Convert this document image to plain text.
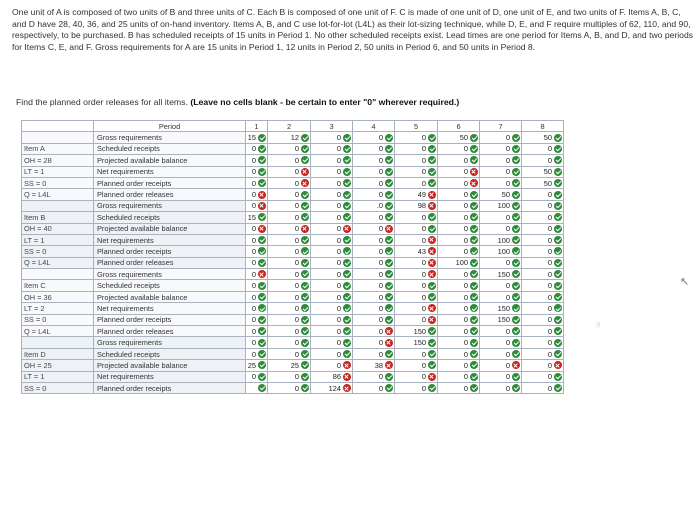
One unit of A is composed of two units of B and three units of C. Each B is composed of one unit of F. C is made of one unit of D, one unit of E, and two units of F. Items A, B, C, and D have 28, 40, 36, and 25 units of on-hand inventory. Items A, B, and C use lot-for-lot (L4L) as their lot-sizing technique, while D, E, and F require multiples of 62, 110, and 90, respectively, to be purchased. B has scheduled receipts of 15 units in Period 1. No other scheduled receipts exist. Lead times are one period for Items A, B, and D, and two periods for Items C, E, and F. Gross requirements for A are 15 units in Period 1, 12 units in Period 2, 50 units in Period 6, and 50 units in Period 8.
Find the planned order releases for all items. (Leave no cells blank - be certain to enter "0" wherever required.)
	Period	1	2	3	4	5	6	7	8
	Gross requirements	15	12	0	0	0	50	0	50

Item A	Scheduled receipts	0	0	0	0	0	0	0	0

OH = 28	Projected available balance	0	0	0	0	0	0	0	0

LT = 1	Net requirements	0	0	0	0	0	0	0	50

SS = 0	Planned order receipts	0	0	0	0	0	0	0	50

Q = L4L	Planned order releases	0	0	0	0	49	0	50	0

	Gross requirements	0	0	0	.0	98	0	100	0

Item B	Scheduled receipts	15	0	0	0	0	0	0	0

OH = 40	Projected available balance	0	0	0	0	0	0	0	0

LT = 1	Net requirements	0	0	0	0	0	0	100	0

SS = 0	Planned order receipts	0	0	0	0	43	0	100	0

Q = L4L	Planned order releases	0	0	0	0	0	100	0	0

	Gross requirements	0	0	0	0	0	0	150	0

Item C	Scheduled receipts	0	0	0	0	0	0	0	0

OH = 36	Projected available balance	0	0	0	0	0	0	0	0

LT = 2	Net requirements	0	0	0	0	0	0	150	0

SS = 0	Planned order receipts	0	0	0	0	0	0	150	0

Q = L4L	Planned order releases	0	0	0	0	150	0	0	0

	Gross requirements	0	0	0	0	150	0	0	0

Item D	Scheduled receipts	0	0	0	0	0	0	0	0

OH = 25	Projected available balance	25	25	0	38	0	0	0	0

LT = 1	Net requirements	0	0	86	0	0	0	0	0

SS = 0	Planned order receipts		0	124	0	0	0	0	0
↖
୨
